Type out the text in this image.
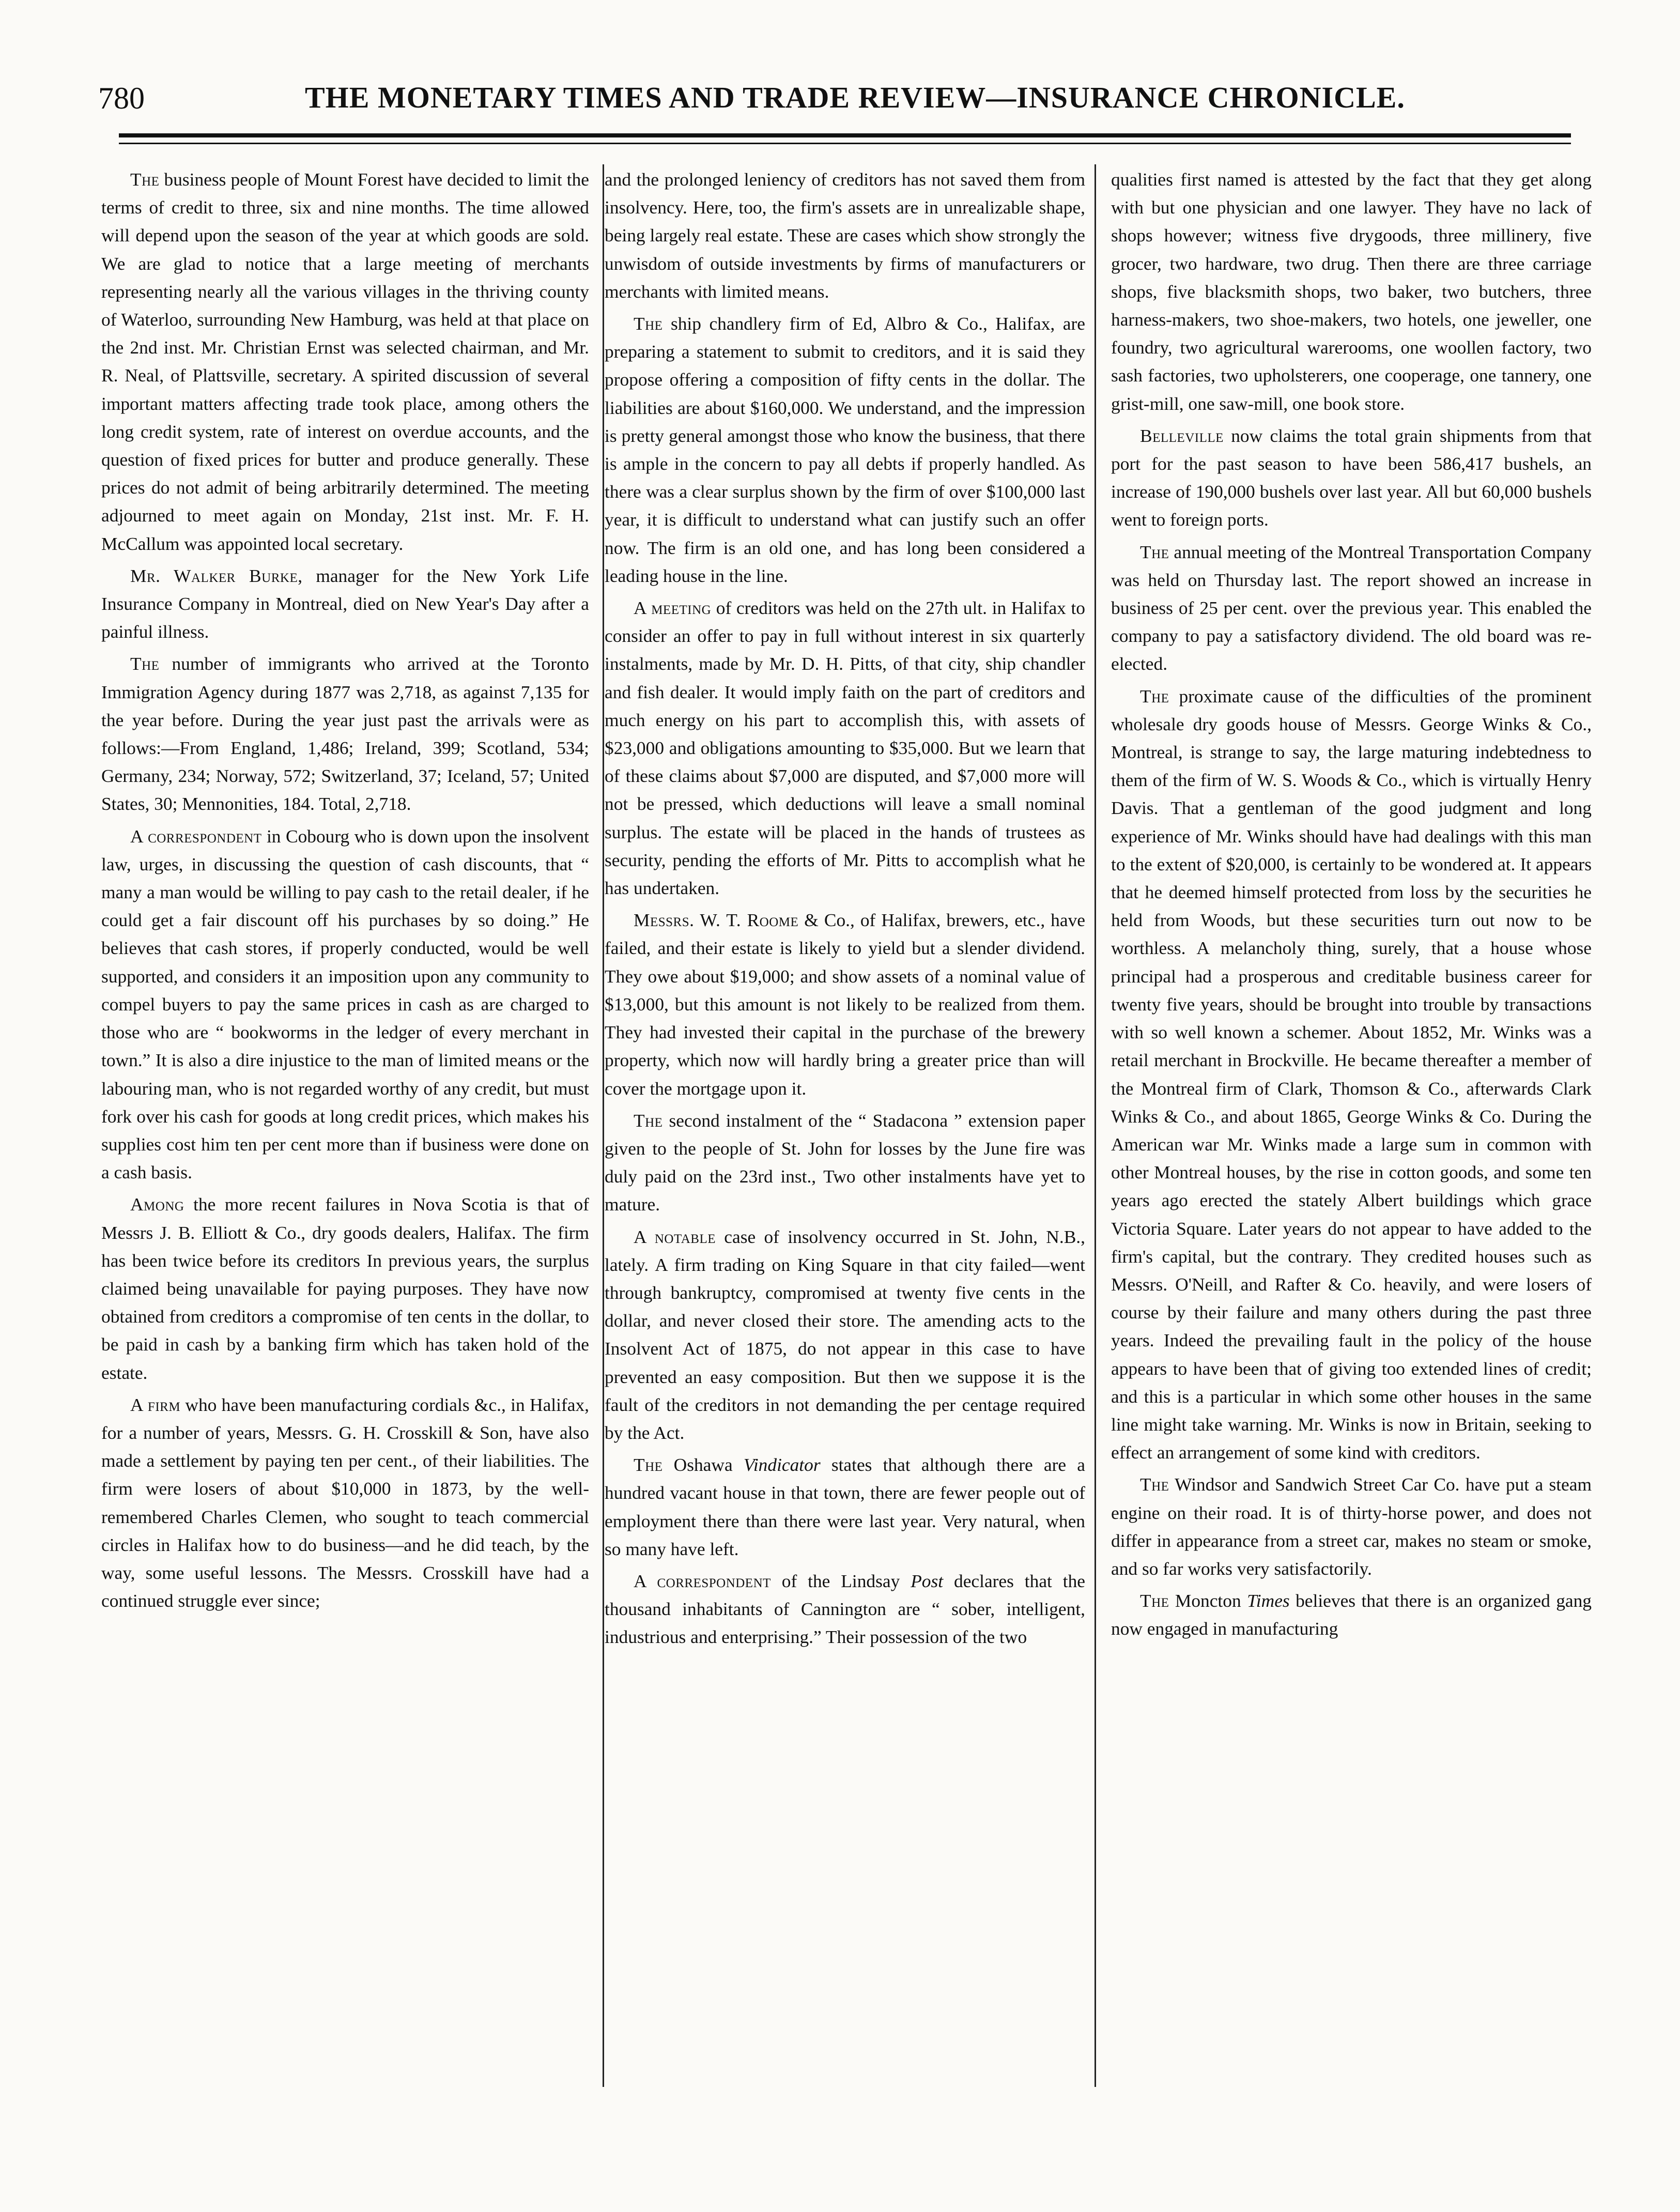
780	THE MONETARY TIMES AND TRADE REVIEW—INSURANCE CHRONICLE.

The business people of Mount Forest have decided to limit the terms of credit to three, six and nine months. The time allowed will depend upon the season of the year at which goods are sold. We are glad to notice that a large meeting of merchants representing nearly all the various villages in the thriving county of Waterloo, surrounding New Hamburg, was held at that place on the 2nd inst. Mr. Christian Ernst was selected chairman, and Mr. R. Neal, of Plattsville, secretary. A spirited discussion of several important matters affecting trade took place, among others the long credit system, rate of interest on overdue accounts, and the question of fixed prices for butter and produce generally. These prices do not admit of being arbitrarily determined. The meeting adjourned to meet again on Monday, 21st inst. Mr. F. H. McCallum was appointed local secretary.

Mr. Walker Burke, manager for the New York Life Insurance Company in Montreal, died on New Year's Day after a painful illness.

The number of immigrants who arrived at the Toronto Immigration Agency during 1877 was 2,718, as against 7,135 for the year before. During the year just past the arrivals were as follows:—From England, 1,486; Ireland, 399; Scotland, 534; Germany, 234; Norway, 572; Switzerland, 37; Iceland, 57; United States, 30; Mennonities, 184. Total, 2,718.

A correspondent in Cobourg who is down upon the insolvent law, urges, in discussing the question of cash discounts, that “ many a man would be willing to pay cash to the retail dealer, if he could get a fair discount off his purchases by so doing.” He believes that cash stores, if properly conducted, would be well supported, and considers it an imposition upon any community to compel buyers to pay the same prices in cash as are charged to those who are “ bookworms in the ledger of every merchant in town.” It is also a dire injustice to the man of limited means or the labouring man, who is not regarded worthy of any credit, but must fork over his cash for goods at long credit prices, which makes his supplies cost him ten per cent more than if business were done on a cash basis.

Among the more recent failures in Nova Scotia is that of Messrs J. B. Elliott & Co., dry goods dealers, Halifax. The firm has been twice before its creditors In previous years, the surplus claimed being unavailable for paying purposes. They have now obtained from creditors a compromise of ten cents in the dollar, to be paid in cash by a banking firm which has taken hold of the estate.

A firm who have been manufacturing cordials &c., in Halifax, for a number of years, Messrs. G. H. Crosskill & Son, have also made a settlement by paying ten per cent., of their liabilities. The firm were losers of about $10,000 in 1873, by the well-remembered Charles Clemen, who sought to teach commercial circles in Halifax how to do business—and he did teach, by the way, some useful lessons. The Messrs. Crosskill have had a continued struggle ever since;

and the prolonged leniency of creditors has not saved them from insolvency. Here, too, the firm's assets are in unrealizable shape, being largely real estate. These are cases which show strongly the unwisdom of outside investments by firms of manufacturers or merchants with limited means.

The ship chandlery firm of Ed, Albro & Co., Halifax, are preparing a statement to submit to creditors, and it is said they propose offering a composition of fifty cents in the dollar. The liabilities are about $160,000. We understand, and the impression is pretty general amongst those who know the business, that there is ample in the concern to pay all debts if properly handled. As there was a clear surplus shown by the firm of over $100,000 last year, it is difficult to understand what can justify such an offer now. The firm is an old one, and has long been considered a leading house in the line.

A meeting of creditors was held on the 27th ult. in Halifax to consider an offer to pay in full without interest in six quarterly instalments, made by Mr. D. H. Pitts, of that city, ship chandler and fish dealer. It would imply faith on the part of creditors and much energy on his part to accomplish this, with assets of $23,000 and obligations amounting to $35,000. But we learn that of these claims about $7,000 are disputed, and $7,000 more will not be pressed, which deductions will leave a small nominal surplus. The estate will be placed in the hands of trustees as security, pending the efforts of Mr. Pitts to accomplish what he has undertaken.

Messrs. W. T. Roome & Co., of Halifax, brewers, etc., have failed, and their estate is likely to yield but a slender dividend. They owe about $19,000; and show assets of a nominal value of $13,000, but this amount is not likely to be realized from them. They had invested their capital in the purchase of the brewery property, which now will hardly bring a greater price than will cover the mortgage upon it.

The second instalment of the “ Stadacona ” extension paper given to the people of St. John for losses by the June fire was duly paid on the 23rd inst., Two other instalments have yet to mature.

A notable case of insolvency occurred in St. John, N.B., lately. A firm trading on King Square in that city failed—went through bankruptcy, compromised at twenty five cents in the dollar, and never closed their store. The amending acts to the Insolvent Act of 1875, do not appear in this case to have prevented an easy composition. But then we suppose it is the fault of the creditors in not demanding the per centage required by the Act.

The Oshawa Vindicator states that although there are a hundred vacant house in that town, there are fewer people out of employment there than there were last year. Very natural, when so many have left.

A correspondent of the Lindsay Post declares that the thousand inhabitants of Cannington are “ sober, intelligent, industrious and enterprising.” Their possession of the two

qualities first named is attested by the fact that they get along with but one physician and one lawyer. They have no lack of shops however; witness five drygoods, three millinery, five grocer, two hardware, two drug. Then there are three carriage shops, five blacksmith shops, two baker, two butchers, three harness-makers, two shoe-makers, two hotels, one jeweller, one foundry, two agricultural warerooms, one woollen factory, two sash factories, two upholsterers, one cooperage, one tannery, one grist-mill, one saw-mill, one book store.

Belleville now claims the total grain shipments from that port for the past season to have been 586,417 bushels, an increase of 190,000 bushels over last year. All but 60,000 bushels went to foreign ports.

The annual meeting of the Montreal Transportation Company was held on Thursday last. The report showed an increase in business of 25 per cent. over the previous year. This enabled the company to pay a satisfactory dividend. The old board was re-elected.

The proximate cause of the difficulties of the prominent wholesale dry goods house of Messrs. George Winks & Co., Montreal, is strange to say, the large maturing indebtedness to them of the firm of W. S. Woods & Co., which is virtually Henry Davis. That a gentleman of the good judgment and long experience of Mr. Winks should have had dealings with this man to the extent of $20,000, is certainly to be wondered at. It appears that he deemed himself protected from loss by the securities he held from Woods, but these securities turn out now to be worthless. A melancholy thing, surely, that a house whose principal had a prosperous and creditable business career for twenty five years, should be brought into trouble by transactions with so well known a schemer. About 1852, Mr. Winks was a retail merchant in Brockville. He became thereafter a member of the Montreal firm of Clark, Thomson & Co., afterwards Clark Winks & Co., and about 1865, George Winks & Co. During the American war Mr. Winks made a large sum in common with other Montreal houses, by the rise in cotton goods, and some ten years ago erected the stately Albert buildings which grace Victoria Square. Later years do not appear to have added to the firm's capital, but the contrary. They credited houses such as Messrs. O'Neill, and Rafter & Co. heavily, and were losers of course by their failure and many others during the past three years. Indeed the prevailing fault in the policy of the house appears to have been that of giving too extended lines of credit; and this is a particular in which some other houses in the same line might take warning. Mr. Winks is now in Britain, seeking to effect an arrangement of some kind with creditors.

The Windsor and Sandwich Street Car Co. have put a steam engine on their road. It is of thirty-horse power, and does not differ in appearance from a street car, makes no steam or smoke, and so far works very satisfactorily.

The Moncton Times believes that there is an organized gang now engaged in manufacturing
